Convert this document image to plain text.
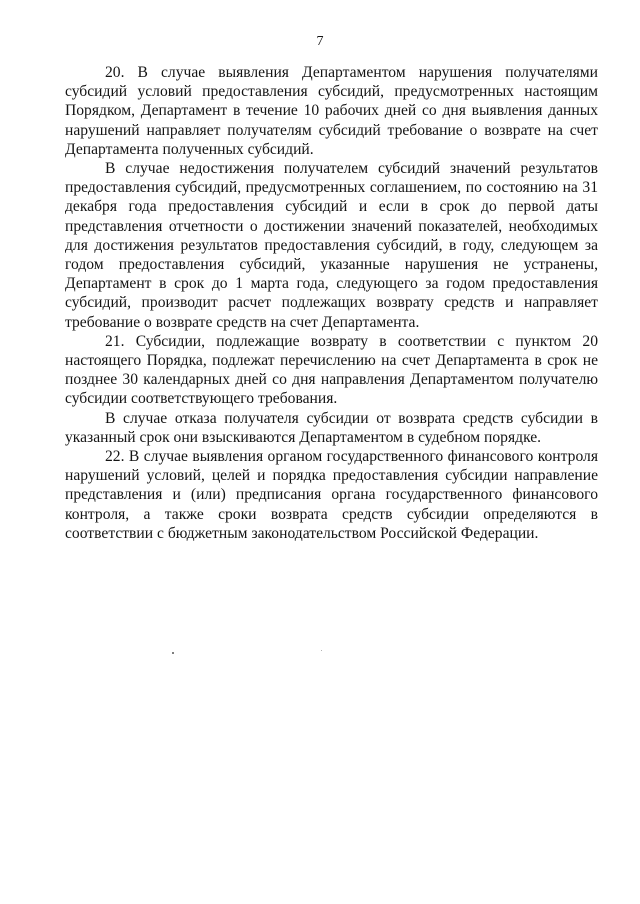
7

20. В случае выявления Департаментом нарушения получателями субсидий условий предоставления субсидий, предусмотренных настоящим Порядком, Департамент в течение 10 рабочих дней со дня выявления данных нарушений направляет получателям субсидий требование о возврате на счет Департамента полученных субсидий.

В случае недостижения получателем субсидий значений результатов предоставления субсидий, предусмотренных соглашением, по состоянию на 31 декабря года предоставления субсидий и если в срок до первой даты представления отчетности о достижении значений показателей, необходимых для достижения результатов предоставления субсидий, в году, следующем за годом предоставления субсидий, указанные нарушения не устранены, Департамент в срок до 1 марта года, следующего за годом предоставления субсидий, производит расчет подлежащих возврату средств и направляет требование о возврате средств на счет Департамента.

21. Субсидии, подлежащие возврату в соответствии с пунктом 20 настоящего Порядка, подлежат перечислению на счет Департамента в срок не позднее 30 календарных дней со дня направления Департаментом получателю субсидии соответствующего требования.

В случае отказа получателя субсидии от возврата средств субсидии в указанный срок они взыскиваются Департаментом в судебном порядке.

22. В случае выявления органом государственного финансового контроля нарушений условий, целей и порядка предоставления субсидии направление представления и (или) предписания органа государственного финансового контроля, а также сроки возврата средств субсидии определяются в соответствии с бюджетным законодательством Российской Федерации.
